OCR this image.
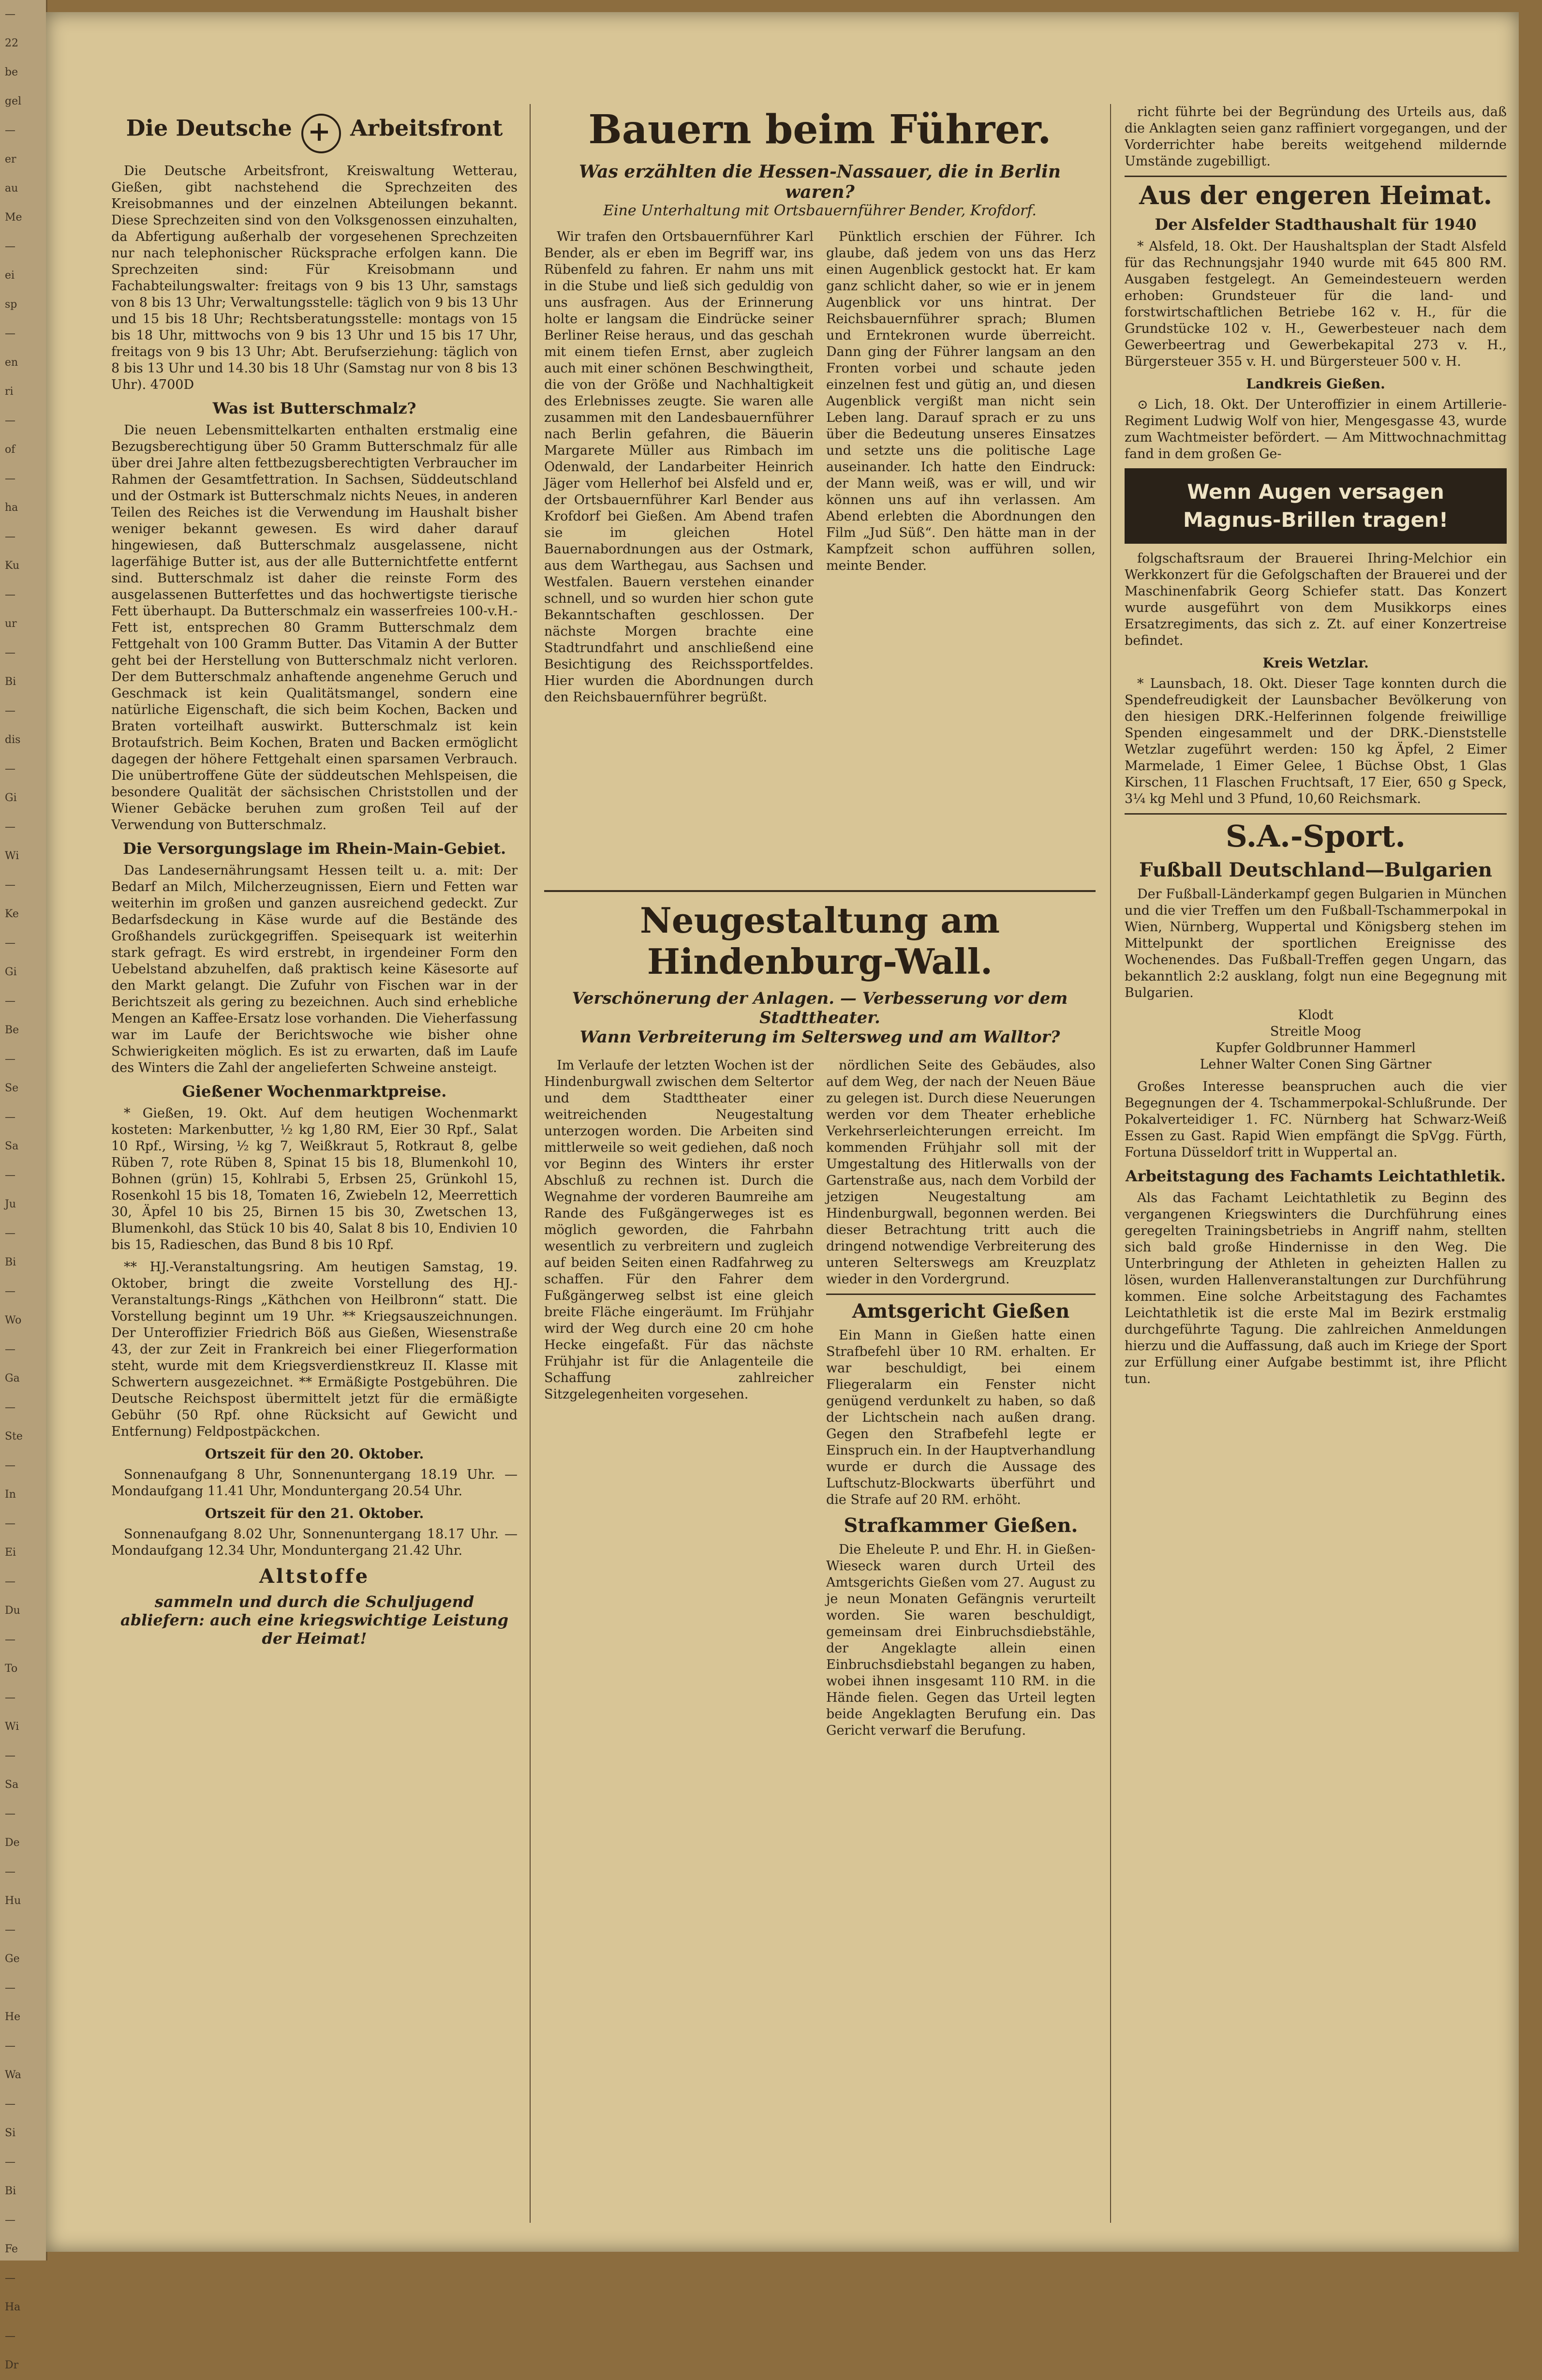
—
22
be
gel
—
er
au
Me
—
ei
sp
—
en
ri
—
of
—
ha
—
Ku
—
ur
—
Bi
—
dis
—
Gi
—
Wi
—
Ke
—
Gi
—
Be
—
Se
—
Sa
—
Ju
—
Bi
—
Wo
—
Ga
—
Ste
—
In
—
Ei
—
Du
—
To
—
Wi
—
Sa
—
De
—
Hu
—
Ge
—
He
—
Wa
—
Si
—
Bi
—
Fe
—
Ha
—
Dr
Die Deutsche	Arbeitsfront

Die Deutsche Arbeitsfront, Kreiswaltung Wetterau, Gießen, gibt nachstehend die Sprechzeiten des Kreisobmannes und der einzelnen Abteilungen bekannt. Diese Sprechzeiten sind von den Volksgenossen einzuhalten, da Abfertigung außerhalb der vorgesehenen Sprechzeiten nur nach telephonischer Rücksprache erfolgen kann. Die Sprechzeiten sind: Für Kreisobmann und Fachabteilungswalter: freitags von 9 bis 13 Uhr, samstags von 8 bis 13 Uhr; Verwaltungsstelle: täglich von 9 bis 13 Uhr und 15 bis 18 Uhr; Rechtsberatungsstelle: montags von 15 bis 18 Uhr, mittwochs von 9 bis 13 Uhr und 15 bis 17 Uhr, freitags von 9 bis 13 Uhr; Abt. Berufserziehung: täglich von 8 bis 13 Uhr und 14.30 bis 18 Uhr (Samstag nur von 8 bis 13 Uhr). 4700D

Was ist Butterschmalz?

Die neuen Lebensmittelkarten enthalten erstmalig eine Bezugsberechtigung über 50 Gramm Butterschmalz für alle über drei Jahre alten fettbezugsberechtigten Verbraucher im Rahmen der Gesamtfettration. In Sachsen, Süddeutschland und der Ostmark ist Butterschmalz nichts Neues, in anderen Teilen des Reiches ist die Verwendung im Haushalt bisher weniger bekannt gewesen. Es wird daher darauf hingewiesen, daß Butterschmalz ausgelassene, nicht lagerfähige Butter ist, aus der alle Butternichtfette entfernt sind. Butterschmalz ist daher die reinste Form des ausgelassenen Butterfettes und das hochwertigste tierische Fett überhaupt. Da Butterschmalz ein wasserfreies 100-v.H.-Fett ist, entsprechen 80 Gramm Butterschmalz dem Fettgehalt von 100 Gramm Butter. Das Vitamin A der Butter geht bei der Herstellung von Butterschmalz nicht verloren. Der dem Butterschmalz anhaftende angenehme Geruch und Geschmack ist kein Qualitätsmangel, sondern eine natürliche Eigenschaft, die sich beim Kochen, Backen und Braten vorteilhaft auswirkt. Butterschmalz ist kein Brotaufstrich. Beim Kochen, Braten und Backen ermöglicht dagegen der höhere Fettgehalt einen sparsamen Verbrauch. Die unübertroffene Güte der süddeutschen Mehlspeisen, die besondere Qualität der sächsischen Christstollen und der Wiener Gebäcke beruhen zum großen Teil auf der Verwendung von Butterschmalz.

Die Versorgungslage im Rhein-Main-Gebiet.

Das Landesernährungsamt Hessen teilt u. a. mit: Der Bedarf an Milch, Milcherzeugnissen, Eiern und Fetten war weiterhin im großen und ganzen ausreichend gedeckt. Zur Bedarfsdeckung in Käse wurde auf die Bestände des Großhandels zurückgegriffen. Speisequark ist weiterhin stark gefragt. Es wird erstrebt, in irgendeiner Form den Uebelstand abzuhelfen, daß praktisch keine Käsesorte auf den Markt gelangt. Die Zufuhr von Fischen war in der Berichtszeit als gering zu bezeichnen. Auch sind erhebliche Mengen an Kaffee-Ersatz lose vorhanden. Die Vieherfassung war im Laufe der Berichtswoche wie bisher ohne Schwierigkeiten möglich. Es ist zu erwarten, daß im Laufe des Winters die Zahl der angelieferten Schweine ansteigt.

Gießener Wochenmarktpreise.

* Gießen, 19. Okt. Auf dem heutigen Wochenmarkt kosteten: Markenbutter, ½ kg 1,80 RM, Eier 30 Rpf., Salat 10 Rpf., Wirsing, ½ kg 7, Weißkraut 5, Rotkraut 8, gelbe Rüben 7, rote Rüben 8, Spinat 15 bis 18, Blumenkohl 10, Bohnen (grün) 15, Kohlrabi 5, Erbsen 25, Grünkohl 15, Rosenkohl 15 bis 18, Tomaten 16, Zwiebeln 12, Meerrettich 30, Äpfel 10 bis 25, Birnen 15 bis 30, Zwetschen 13, Blumenkohl, das Stück 10 bis 40, Salat 8 bis 10, Endivien 10 bis 15, Radieschen, das Bund 8 bis 10 Rpf.

** HJ.-Veranstaltungsring. Am heutigen Samstag, 19. Oktober, bringt die zweite Vorstellung des HJ.-Veranstaltungs-Rings „Käthchen von Heilbronn“ statt. Die Vorstellung beginnt um 19 Uhr. ** Kriegsauszeichnungen. Der Unteroffizier Friedrich Böß aus Gießen, Wiesenstraße 43, der zur Zeit in Frankreich bei einer Fliegerformation steht, wurde mit dem Kriegsverdienstkreuz II. Klasse mit Schwertern ausgezeichnet. ** Ermäßigte Postgebühren. Die Deutsche Reichspost übermittelt jetzt für die ermäßigte Gebühr (50 Rpf. ohne Rücksicht auf Gewicht und Entfernung) Feldpostpäckchen.

Ortszeit für den 20. Oktober.

Sonnenaufgang 8 Uhr, Sonnenuntergang 18.19 Uhr. — Mondaufgang 11.41 Uhr, Monduntergang 20.54 Uhr.

Ortszeit für den 21. Oktober.

Sonnenaufgang 8.02 Uhr, Sonnenuntergang 18.17 Uhr. — Mondaufgang 12.34 Uhr, Monduntergang 21.42 Uhr.

Altstoffe

sammeln und durch die Schuljugend abliefern: auch eine kriegswichtige Leistung der Heimat!

Bauern beim Führer.

Was erzählten die Hessen-Nassauer, die in Berlin waren?

Eine Unterhaltung mit Ortsbauernführer Bender, Krofdorf.

Wir trafen den Ortsbauernführer Karl Bender, als er eben im Begriff war, ins Rübenfeld zu fahren. Er nahm uns mit in die Stube und ließ sich geduldig von uns ausfragen. Aus der Erinnerung holte er langsam die Eindrücke seiner Berliner Reise heraus, und das geschah mit einem tiefen Ernst, aber zugleich auch mit einer schönen Beschwingtheit, die von der Größe und Nachhaltigkeit des Erlebnisses zeugte. Sie waren alle zusammen mit den Landesbauernführer nach Berlin gefahren, die Bäuerin Margarete Müller aus Rimbach im Odenwald, der Landarbeiter Heinrich Jäger vom Hellerhof bei Alsfeld und er, der Ortsbauernführer Karl Bender aus Krofdorf bei Gießen. Am Abend trafen sie im gleichen Hotel Bauernabordnungen aus der Ostmark, aus dem Warthegau, aus Sachsen und Westfalen. Bauern verstehen einander schnell, und so wurden hier schon gute Bekanntschaften geschlossen. Der nächste Morgen brachte eine Stadtrundfahrt und anschließend eine Besichtigung des Reichssportfeldes. Hier wurden die Abordnungen durch den Reichsbauernführer begrüßt.

Pünktlich erschien der Führer. Ich glaube, daß jedem von uns das Herz einen Augenblick gestockt hat. Er kam ganz schlicht daher, so wie er in jenem Augenblick vor uns hintrat. Der Reichsbauernführer sprach; Blumen und Erntekronen wurde überreicht. Dann ging der Führer langsam an den Fronten vorbei und schaute jeden einzelnen fest und gütig an, und diesen Augenblick vergißt man nicht sein Leben lang. Darauf sprach er zu uns über die Bedeutung unseres Einsatzes und setzte uns die politische Lage auseinander. Ich hatte den Eindruck: der Mann weiß, was er will, und wir können uns auf ihn verlassen. Am Abend erlebten die Abordnungen den Film „Jud Süß“. Den hätte man in der Kampfzeit schon aufführen sollen, meinte Bender.

Neugestaltung am Hindenburg-Wall.

Verschönerung der Anlagen. — Verbesserung vor dem Stadttheater.

Wann Verbreiterung im Seltersweg und am Walltor?

Im Verlaufe der letzten Wochen ist der Hindenburgwall zwischen dem Seltertor und dem Stadttheater einer weitreichenden Neugestaltung unterzogen worden. Die Arbeiten sind mittlerweile so weit gediehen, daß noch vor Beginn des Winters ihr erster Abschluß zu rechnen ist. Durch die Wegnahme der vorderen Baumreihe am Rande des Fußgängerweges ist es möglich geworden, die Fahrbahn wesentlich zu verbreitern und zugleich auf beiden Seiten einen Radfahrweg zu schaffen. Für den Fahrer dem Fußgängerweg selbst ist eine gleich breite Fläche eingeräumt. Im Frühjahr wird der Weg durch eine 20 cm hohe Hecke eingefaßt. Für das nächste Frühjahr ist für die Anlagenteile die Schaffung zahlreicher Sitzgelegenheiten vorgesehen.

nördlichen Seite des Gebäudes, also auf dem Weg, der nach der Neuen Bäue zu gelegen ist. Durch diese Neuerungen werden vor dem Theater erhebliche Verkehrserleichterungen erreicht. Im kommenden Frühjahr soll mit der Umgestaltung des Hitlerwalls von der Gartenstraße aus, nach dem Vorbild der jetzigen Neugestaltung am Hindenburgwall, begonnen werden. Bei dieser Betrachtung tritt auch die dringend notwendige Verbreiterung des unteren Selterswegs am Kreuzplatz wieder in den Vordergrund.

Amtsgericht Gießen

Ein Mann in Gießen hatte einen Strafbefehl über 10 RM. erhalten. Er war beschuldigt, bei einem Fliegeralarm ein Fenster nicht genügend verdunkelt zu haben, so daß der Lichtschein nach außen drang. Gegen den Strafbefehl legte er Einspruch ein. In der Hauptverhandlung wurde er durch die Aussage des Luftschutz-Blockwarts überführt und die Strafe auf 20 RM. erhöht.

Strafkammer Gießen.

Die Eheleute P. und Ehr. H. in Gießen-Wieseck waren durch Urteil des Amtsgerichts Gießen vom 27. August zu je neun Monaten Gefängnis verurteilt worden. Sie waren beschuldigt, gemeinsam drei Einbruchsdiebstähle, der Angeklagte allein einen Einbruchsdiebstahl begangen zu haben, wobei ihnen insgesamt 110 RM. in die Hände fielen. Gegen das Urteil legten beide Angeklagten Berufung ein. Das Gericht verwarf die Berufung.

richt führte bei der Begründung des Urteils aus, daß die Anklagten seien ganz raffiniert vorgegangen, und der Vorderrichter habe bereits weitgehend mildernde Umstände zugebilligt.

Aus der engeren Heimat.

Der Alsfelder Stadthaushalt für 1940

* Alsfeld, 18. Okt. Der Haushaltsplan der Stadt Alsfeld für das Rechnungsjahr 1940 wurde mit 645 800 RM. Ausgaben festgelegt. An Gemeindesteuern werden erhoben: Grundsteuer für die land- und forstwirtschaftlichen Betriebe 162 v. H., für die Grundstücke 102 v. H., Gewerbesteuer nach dem Gewerbeertrag und Gewerbekapital 273 v. H., Bürgersteuer 355 v. H. und Bürgersteuer 500 v. H.

Landkreis Gießen.

⊙ Lich, 18. Okt. Der Unteroffizier in einem Artillerie-Regiment Ludwig Wolf von hier, Mengesgasse 43, wurde zum Wachtmeister befördert. — Am Mittwochnachmittag fand in dem großen Ge-

Wenn Augen versagen
Magnus-Brillen tragen!

folgschaftsraum der Brauerei Ihring-Melchior ein Werkkonzert für die Gefolgschaften der Brauerei und der Maschinenfabrik Georg Schiefer statt. Das Konzert wurde ausgeführt von dem Musikkorps eines Ersatzregiments, das sich z. Zt. auf einer Konzertreise befindet.

Kreis Wetzlar.

* Launsbach, 18. Okt. Dieser Tage konnten durch die Spendefreudigkeit der Launsbacher Bevölkerung von den hiesigen DRK.-Helferinnen folgende freiwillige Spenden eingesammelt und der DRK.-Dienststelle Wetzlar zugeführt werden: 150 kg Äpfel, 2 Eimer Marmelade, 1 Eimer Gelee, 1 Büchse Obst, 1 Glas Kirschen, 11 Flaschen Fruchtsaft, 17 Eier, 650 g Speck, 3¼ kg Mehl und 3 Pfund, 10,60 Reichsmark.

S.A.-Sport.

Fußball Deutschland—Bulgarien

Der Fußball-Länderkampf gegen Bulgarien in München und die vier Treffen um den Fußball-Tschammerpokal in Wien, Nürnberg, Wuppertal und Königsberg stehen im Mittelpunkt der sportlichen Ereignisse des Wochenendes. Das Fußball-Treffen gegen Ungarn, das bekanntlich 2:2 ausklang, folgt nun eine Begegnung mit Bulgarien.

Klodt
Streitle Moog
Kupfer Goldbrunner Hammerl
Lehner Walter Conen Sing Gärtner

Großes Interesse beanspruchen auch die vier Begegnungen der 4. Tschammerpokal-Schlußrunde. Der Pokalverteidiger 1. FC. Nürnberg hat Schwarz-Weiß Essen zu Gast. Rapid Wien empfängt die SpVgg. Fürth, Fortuna Düsseldorf tritt in Wuppertal an.

Arbeitstagung des Fachamts Leichtathletik.

Als das Fachamt Leichtathletik zu Beginn des vergangenen Kriegswinters die Durchführung eines geregelten Trainingsbetriebs in Angriff nahm, stellten sich bald große Hindernisse in den Weg. Die Unterbringung der Athleten in geheizten Hallen zu lösen, wurden Hallenveranstaltungen zur Durchführung kommen. Eine solche Arbeitstagung des Fachamtes Leichtathletik ist die erste Mal im Bezirk erstmalig durchgeführte Tagung. Die zahlreichen Anmeldungen hierzu und die Auffassung, daß auch im Kriege der Sport zur Erfüllung einer Aufgabe bestimmt ist, ihre Pflicht tun.
